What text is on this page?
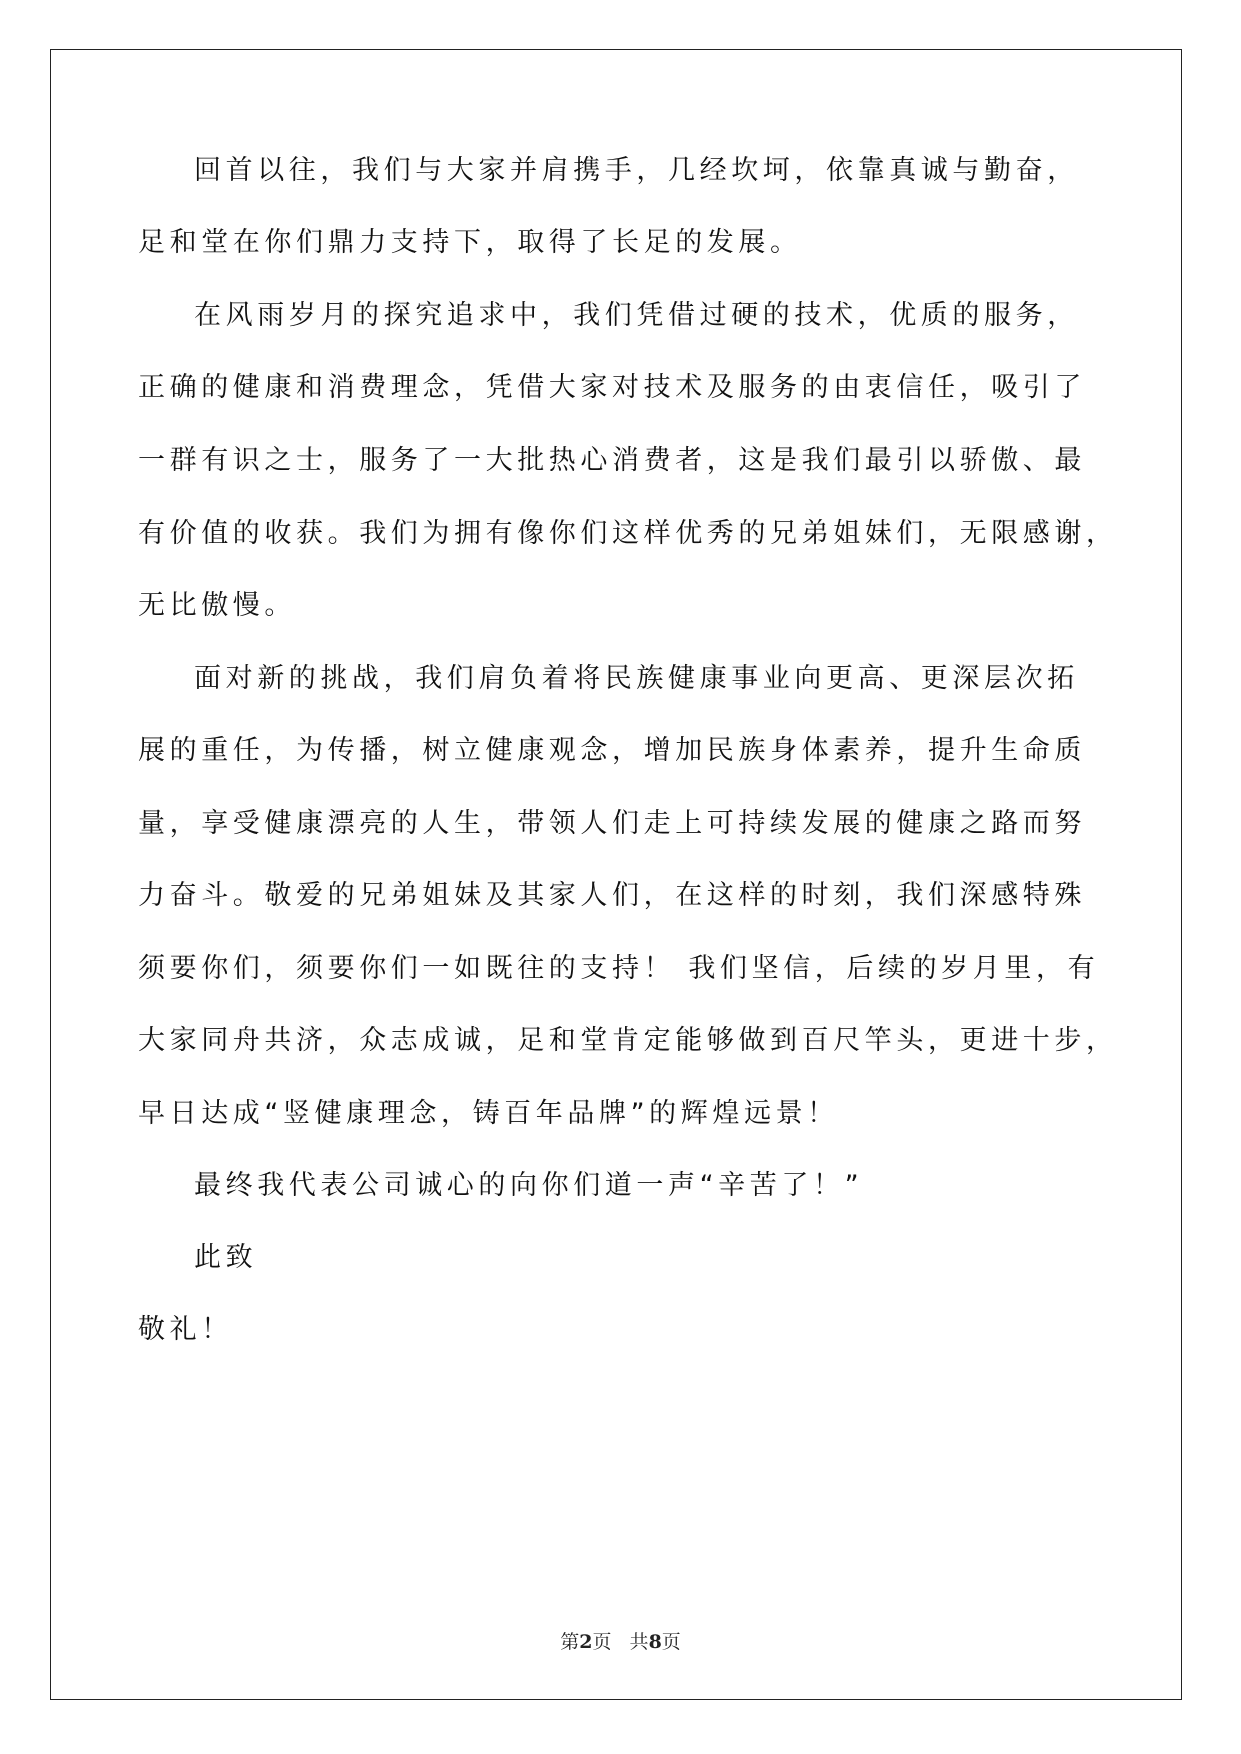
回首以往，我们与大家并肩携手，几经坎坷，依靠真诚与勤奋，
足和堂在你们鼎力支持下，取得了长足的发展。
在风雨岁月的探究追求中，我们凭借过硬的技术，优质的服务，
正确的健康和消费理念，凭借大家对技术及服务的由衷信任，吸引了
一群有识之士，服务了一大批热心消费者，这是我们最引以骄傲、最
有价值的收获。我们为拥有像你们这样优秀的兄弟姐妹们，无限感谢，
无比傲慢。
面对新的挑战，我们肩负着将民族健康事业向更高、更深层次拓
展的重任，为传播，树立健康观念，增加民族身体素养，提升生命质
量，享受健康漂亮的人生，带领人们走上可持续发展的健康之路而努
力奋斗。敬爱的兄弟姐妹及其家人们，在这样的时刻，我们深感特殊
须要你们，须要你们一如既往的支持！ 我们坚信，后续的岁月里，有
大家同舟共济，众志成诚，足和堂肯定能够做到百尺竿头，更进十步，
早日达成“竖健康理念，铸百年品牌”的辉煌远景！
最终我代表公司诚心的向你们道一声“辛苦了！”
此致
敬礼！
第2页   共8页
